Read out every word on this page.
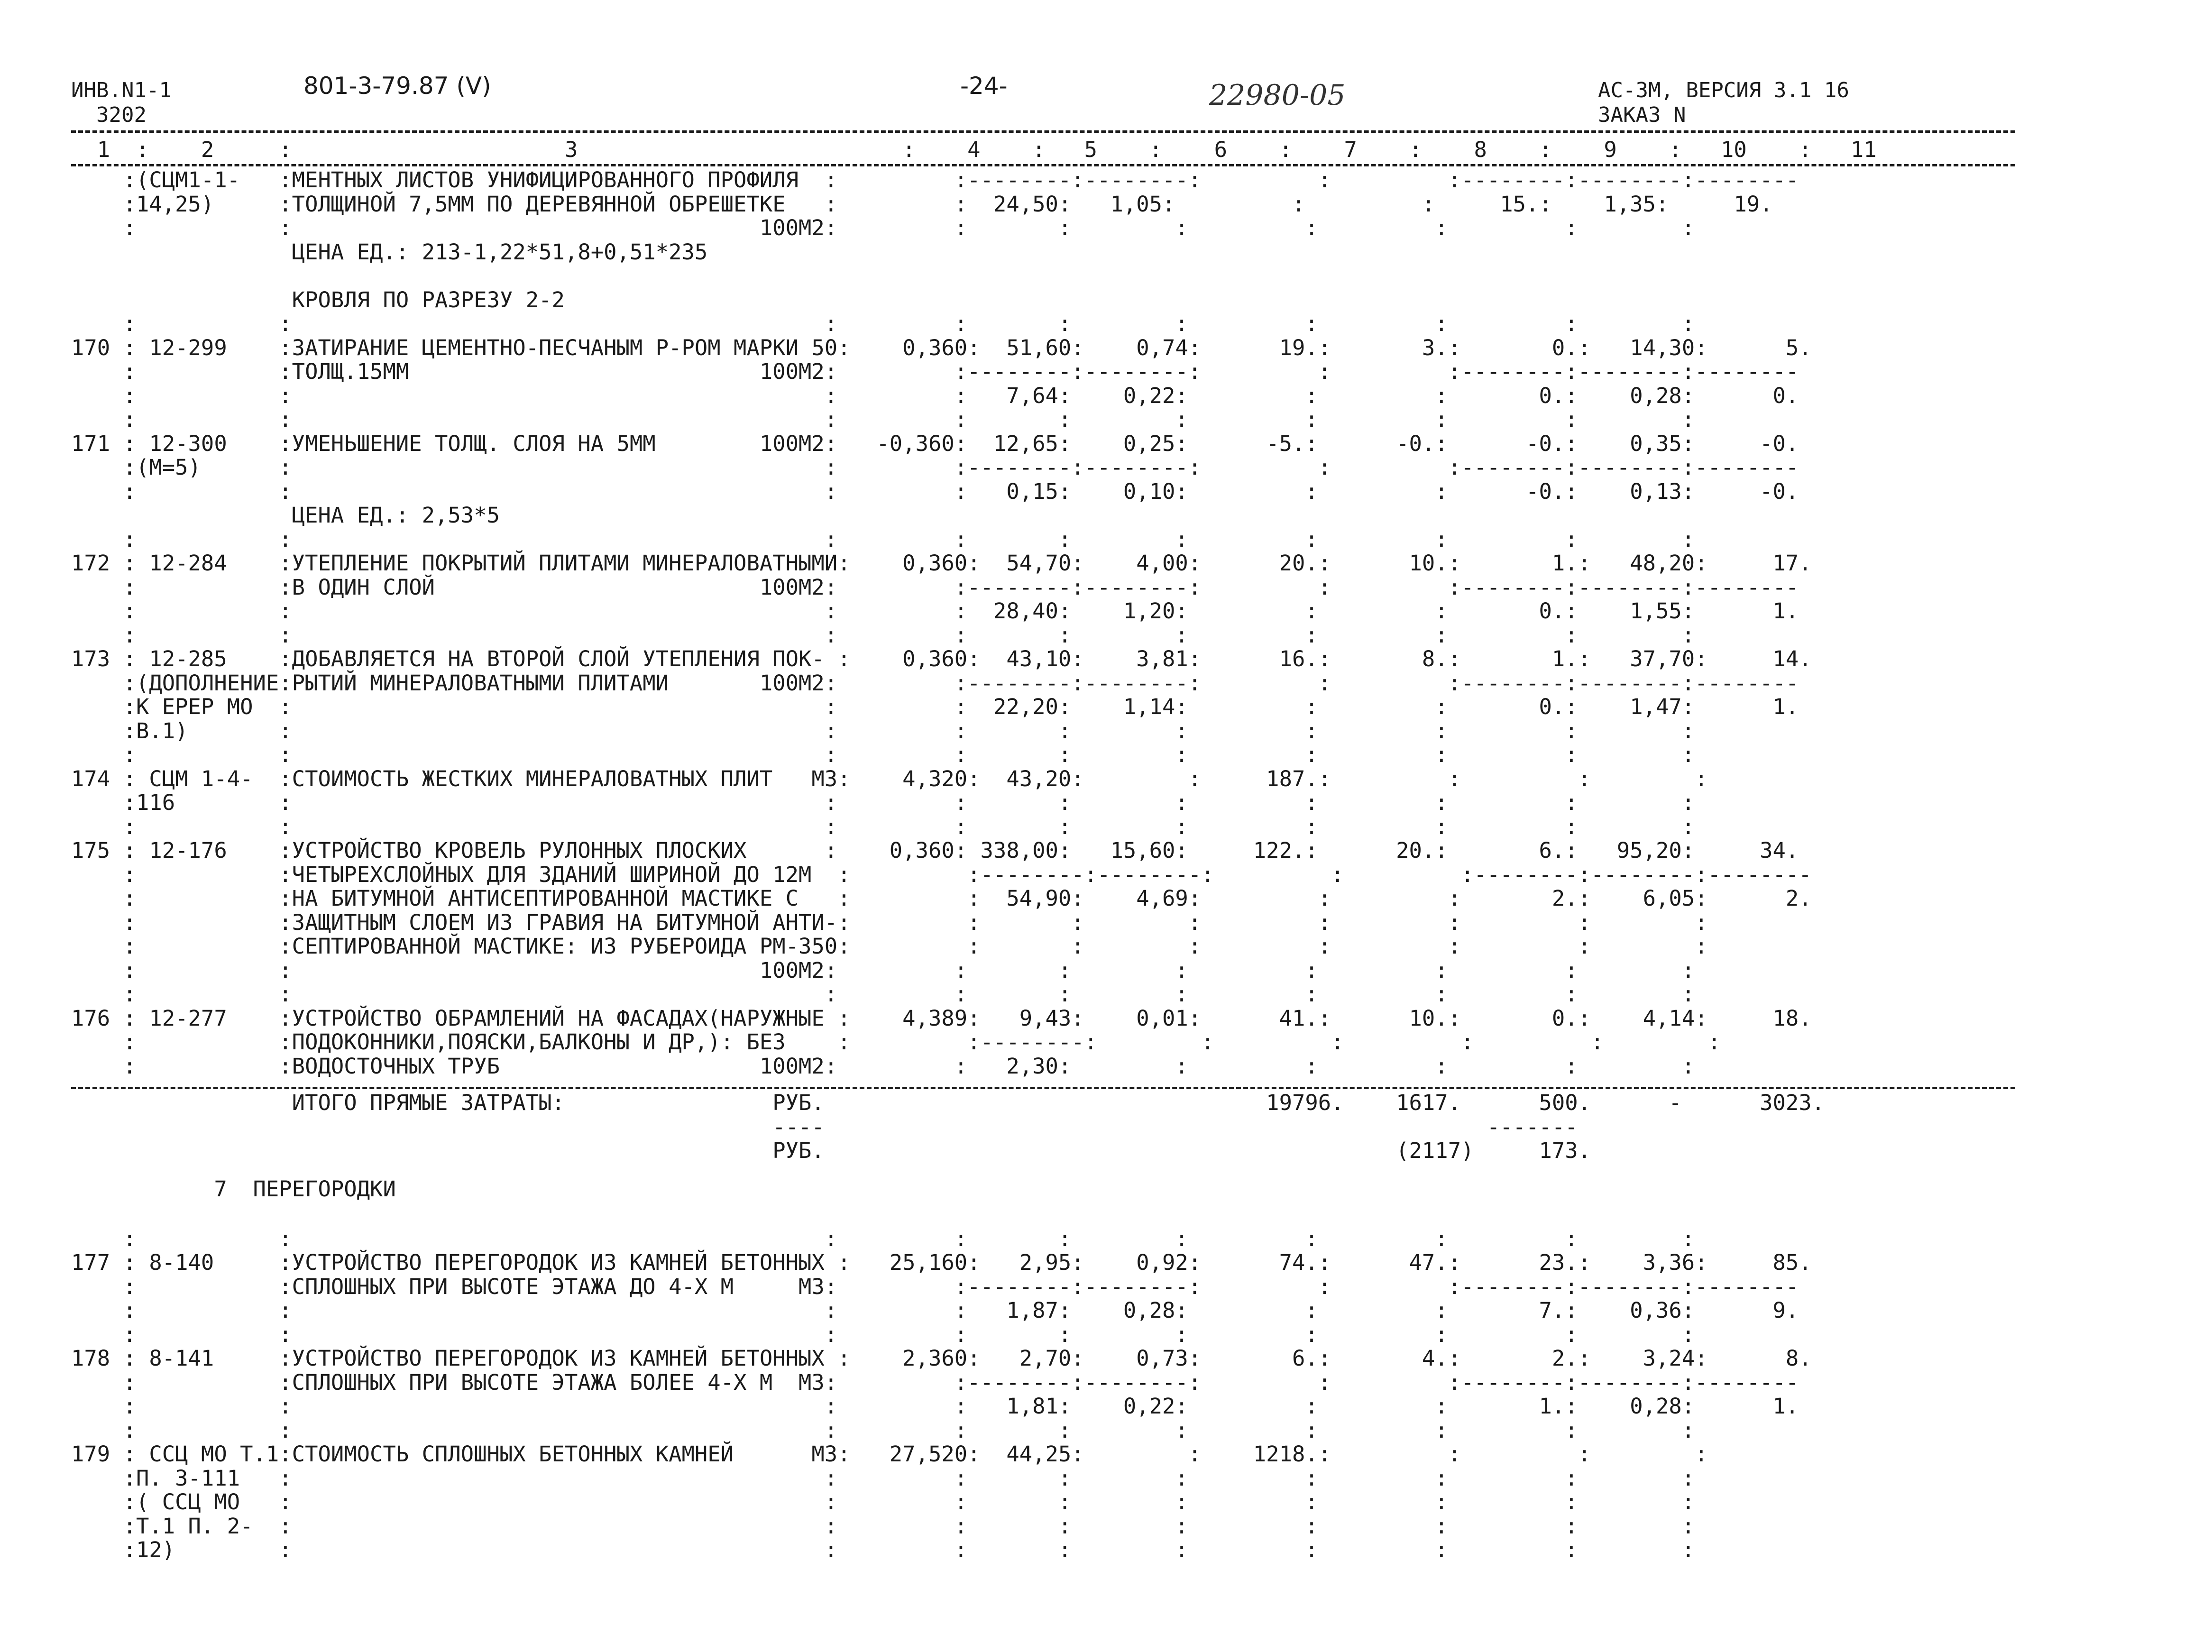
ИНВ.N1-1
3202
801-3-79.87 (V)	-24-	22980-05	АС-3М, ВЕРСИЯ 3.1 16
ЗАКАЗ N
1  :    2     :                     3                         :    4    :   5    :    6    :    7    :    8    :    9    :   10    :   11
:(СЦМ1-1-   :МЕНТНЫХ ЛИСТОВ УНИФИЦИРОВАННОГО ПРОФИЛЯ  :         :--------:--------:         :         :--------:--------:--------
:14,25)     :ТОЛЩИНОЙ 7,5ММ ПО ДЕРЕВЯННОЙ ОБРЕШЕТКЕ   :         :  24,50:   1,05:         :         :     15.:    1,35:     19.
:           :                                    100М2:         :       :        :         :         :         :        :
ЦЕНА ЕД.: 213-1,22*51,8+0,51*235

КРОВЛЯ ПО РАЗРЕЗУ 2-2
:           :                                         :         :       :        :         :         :         :        :
170 : 12-299    :ЗАТИРАНИЕ ЦЕМЕНТНО-ПЕСЧАНЫМ Р-РОМ МАРКИ 50:    0,360:  51,60:    0,74:      19.:       3.:       0.:   14,30:      5.
:           :ТОЛЩ.15ММ                           100М2:         :--------:--------:         :         :--------:--------:--------
:           :                                         :         :   7,64:    0,22:         :         :       0.:    0,28:      0.
:           :                                         :         :       :        :         :         :         :        :
171 : 12-300    :УМЕНЬШЕНИЕ ТОЛЩ. СЛОЯ НА 5ММ        100М2:   -0,360:  12,65:    0,25:      -5.:      -0.:      -0.:    0,35:     -0.
:(М=5)      :                                         :         :--------:--------:         :         :--------:--------:--------
:           :                                         :         :   0,15:    0,10:         :         :      -0.:    0,13:     -0.
ЦЕНА ЕД.: 2,53*5
:           :                                         :         :       :        :         :         :         :        :
172 : 12-284    :УТЕПЛЕНИЕ ПОКРЫТИЙ ПЛИТАМИ МИНЕРАЛОВАТНЫМИ:    0,360:  54,70:    4,00:      20.:      10.:       1.:   48,20:     17.
:           :В ОДИН СЛОЙ                         100М2:         :--------:--------:         :         :--------:--------:--------
:           :                                         :         :  28,40:    1,20:         :         :       0.:    1,55:      1.
:           :                                         :         :       :        :         :         :         :        :
173 : 12-285    :ДОБАВЛЯЕТСЯ НА ВТОРОЙ СЛОЙ УТЕПЛЕНИЯ ПОК- :    0,360:  43,10:    3,81:      16.:       8.:       1.:   37,70:     14.
:(ДОПОЛНЕНИЕ:РЫТИЙ МИНЕРАЛОВАТНЫМИ ПЛИТАМИ       100М2:         :--------:--------:         :         :--------:--------:--------
:К ЕРЕР МО  :                                         :         :  22,20:    1,14:         :         :       0.:    1,47:      1.
:В.1)       :                                         :         :       :        :         :         :         :        :
:           :                                         :         :       :        :         :         :         :        :
174 : СЦМ 1-4-  :СТОИМОСТЬ ЖЕСТКИХ МИНЕРАЛОВАТНЫХ ПЛИТ   М3:    4,320:  43,20:        :     187.:         :         :        :
:116        :                                         :         :       :        :         :         :         :        :
:           :                                         :         :       :        :         :         :         :        :
175 : 12-176    :УСТРОЙСТВО КРОВЕЛЬ РУЛОННЫХ ПЛОСКИХ      :    0,360: 338,00:   15,60:     122.:      20.:       6.:   95,20:     34.
:           :ЧЕТЫРЕХСЛОЙНЫХ ДЛЯ ЗДАНИЙ ШИРИНОЙ ДО 12М  :         :--------:--------:         :         :--------:--------:--------
:           :НА БИТУМНОЙ АНТИСЕПТИРОВАННОЙ МАСТИКЕ С   :         :  54,90:    4,69:         :         :       2.:    6,05:      2.
:           :ЗАЩИТНЫМ СЛОЕМ ИЗ ГРАВИЯ НА БИТУМНОЙ АНТИ-:         :       :        :         :         :         :        :
:           :СЕПТИРОВАННОЙ МАСТИКЕ: ИЗ РУБЕРОИДА РМ-350:         :       :        :         :         :         :        :
:           :                                    100М2:         :       :        :         :         :         :        :
:           :                                         :         :       :        :         :         :         :        :
176 : 12-277    :УСТРОЙСТВО ОБРАМЛЕНИЙ НА ФАСАДАХ(НАРУЖНЫЕ :    4,389:   9,43:    0,01:      41.:      10.:       0.:    4,14:     18.
:           :ПОДОКОННИКИ,ПОЯСКИ,БАЛКОНЫ И ДР,): БЕЗ    :         :--------:        :         :         :         :        :
:           :ВОДОСТОЧНЫХ ТРУБ                    100М2:         :   2,30:        :         :         :         :        :
ИТОГО ПРЯМЫЕ ЗАТРАТЫ:                РУБ.                                  19796.    1617.      500.      -      3023.
----                                                   -------
РУБ.                                            (2117)     173.
7  ПЕРЕГОРОДКИ

:           :                                         :         :       :        :         :         :         :        :
177 : 8-140     :УСТРОЙСТВО ПЕРЕГОРОДОК ИЗ КАМНЕЙ БЕТОННЫХ :   25,160:   2,95:    0,92:      74.:      47.:      23.:    3,36:     85.
:           :СПЛОШНЫХ ПРИ ВЫСОТЕ ЭТАЖА ДО 4-Х М     М3:         :--------:--------:         :         :--------:--------:--------
:           :                                         :         :   1,87:    0,28:         :         :       7.:    0,36:      9.
:           :                                         :         :       :        :         :         :         :        :
178 : 8-141     :УСТРОЙСТВО ПЕРЕГОРОДОК ИЗ КАМНЕЙ БЕТОННЫХ :    2,360:   2,70:    0,73:       6.:       4.:       2.:    3,24:      8.
:           :СПЛОШНЫХ ПРИ ВЫСОТЕ ЭТАЖА БОЛЕЕ 4-Х М  М3:         :--------:--------:         :         :--------:--------:--------
:           :                                         :         :   1,81:    0,22:         :         :       1.:    0,28:      1.
:           :                                         :         :       :        :         :         :         :        :
179 : ССЦ МО Т.1:СТОИМОСТЬ СПЛОШНЫХ БЕТОННЫХ КАМНЕЙ      М3:   27,520:  44,25:        :    1218.:         :         :        :
:П. 3-111   :                                         :         :       :        :         :         :         :        :
:( ССЦ МО   :                                         :         :       :        :         :         :         :        :
:Т.1 П. 2-  :                                         :         :       :        :         :         :         :        :
:12)        :                                         :         :       :        :         :         :         :        :
